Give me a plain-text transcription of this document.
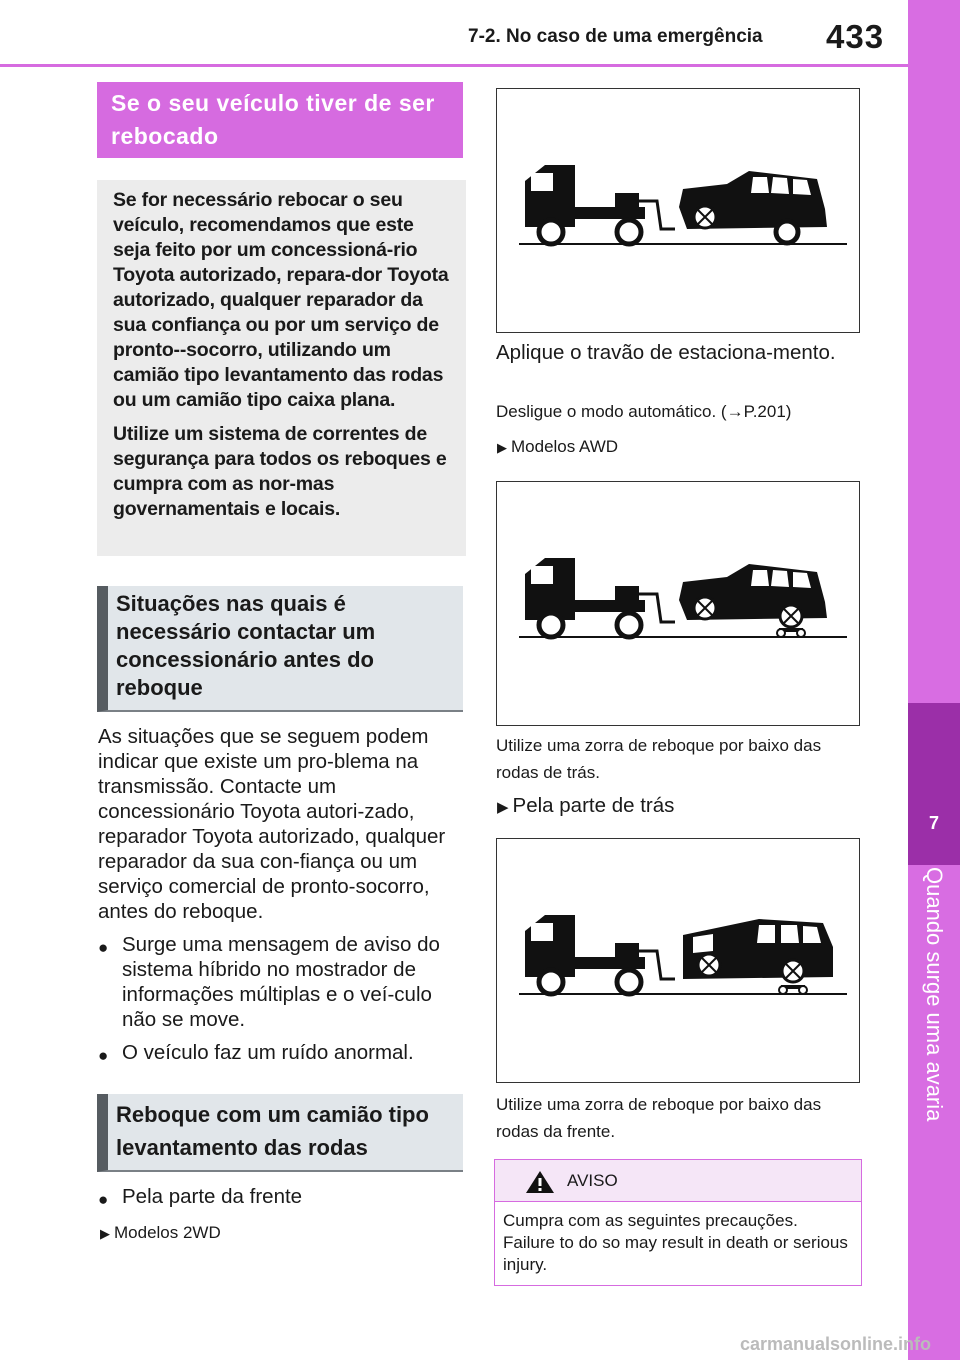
7-2. No caso de uma emergência 433
7
Quando surge uma avaria
Se o seu veículo tiver de ser rebocado

Se for necessário rebocar o seu veículo, recomendamos que este seja feito por um concessioná-rio Toyota autorizado, repara-dor Toyota autorizado, qualquer reparador da sua confiança ou por um serviço de pronto--socorro, utilizando um camião tipo levantamento das rodas ou um camião tipo caixa plana.

Utilize um sistema de correntes de segurança para todos os reboques e cumpra com as nor-mas governamentais e locais.

Situações nas quais é necessário contactar um concessionário antes do reboque
As situações que se seguem podem indicar que existe um pro-blema na transmissão. Contacte um concessionário Toyota autori-zado, reparador Toyota autorizado, qualquer reparador da sua con-fiança ou um serviço comercial de pronto-socorro, antes do reboque.
● Surge uma mensagem de aviso do sistema híbrido no mostrador de informações múltiplas e o veí-culo não se move.
● O veículo faz um ruído anormal.
Reboque com um camião tipo levantamento das rodas
● Pela parte da frente
▶ Modelos 2WD
Aplique o travão de estaciona-mento.
Desligue o modo automático. (→P.201)
▶ Modelos AWD
Utilize uma zorra de reboque por baixo das rodas de trás.
▶ Pela parte de trás
Utilize uma zorra de reboque por baixo das rodas da frente.
AVISO
Cumpra com as seguintes precauções. Failure to do so may result in death or serious injury.
carmanualsonline.info
